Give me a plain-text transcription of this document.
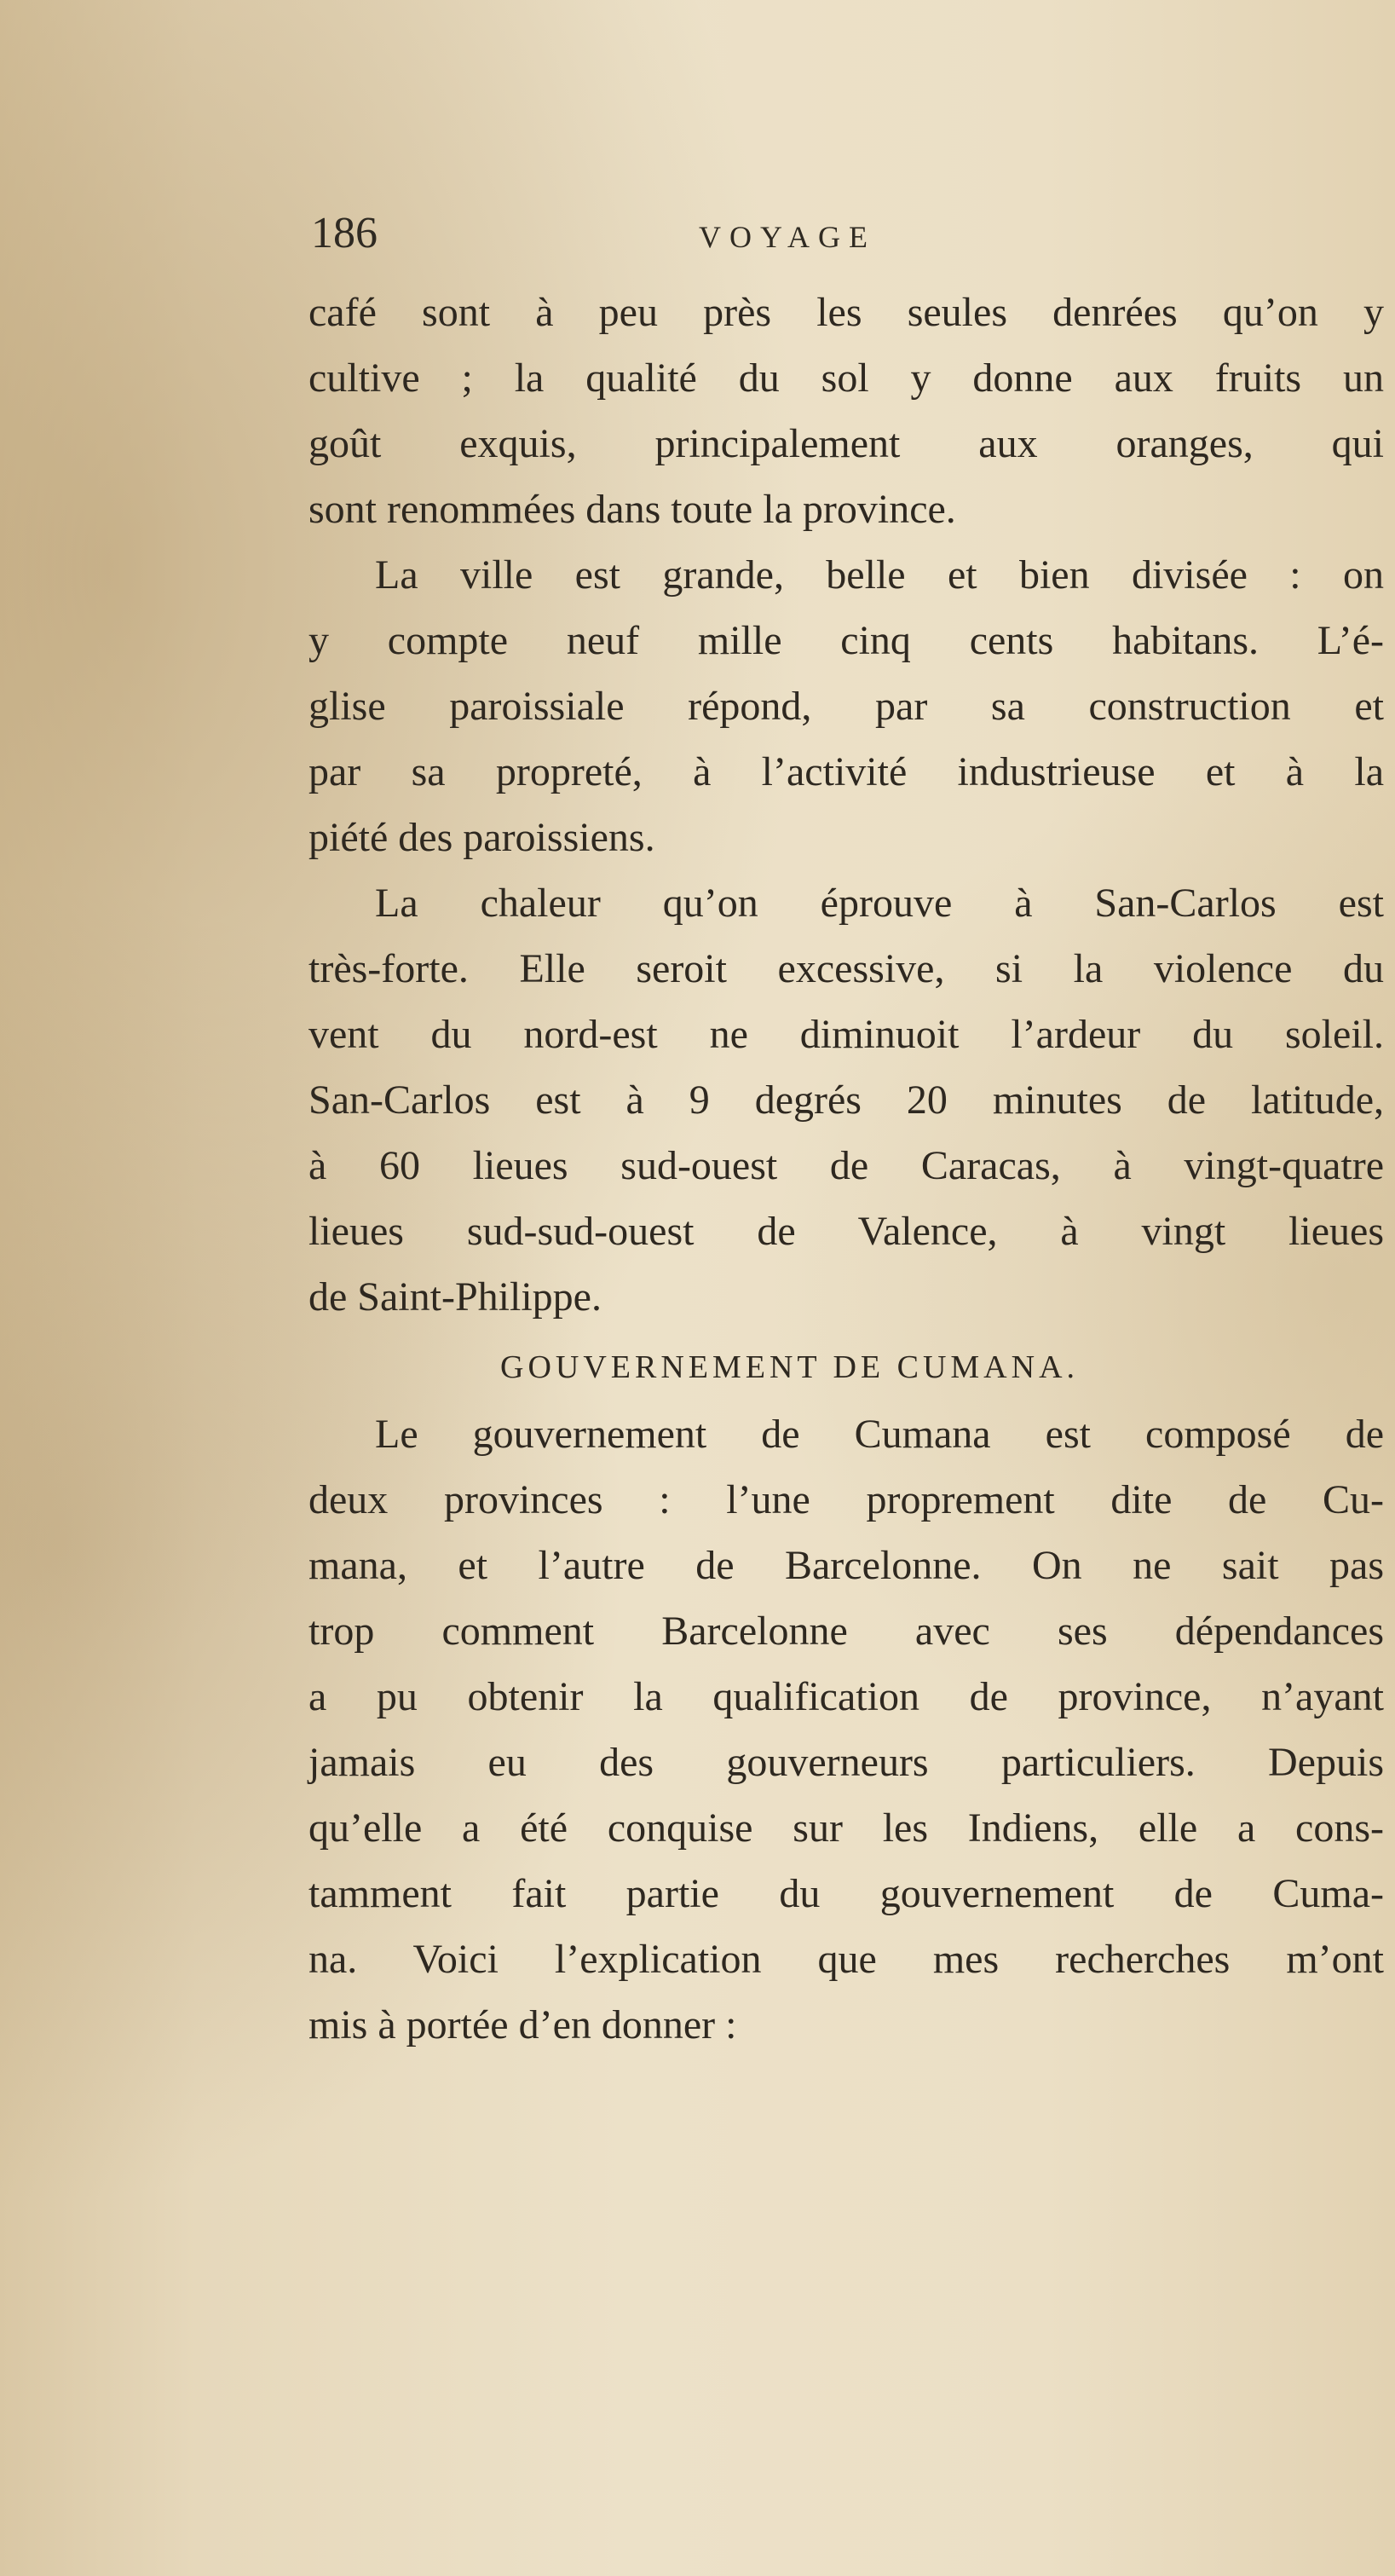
186	VOYAGE
café sont à peu près les seules denrées qu’on y
cultive ; la qualité du sol y donne aux fruits un
goût exquis, principalement aux oranges, qui
sont renommées dans toute la province.
La ville est grande, belle et bien divisée : on
y compte neuf mille cinq cents habitans. L’é-
glise paroissiale répond, par sa construction et
par sa propreté, à l’activité industrieuse et à la
piété des paroissiens.
La chaleur qu’on éprouve à San-Carlos est
très-forte. Elle seroit excessive, si la violence du
vent du nord-est ne diminuoit l’ardeur du soleil.
San-Carlos est à 9 degrés 20 minutes de latitude,
à 60 lieues sud-ouest de Caracas, à vingt-quatre
lieues sud-sud-ouest de Valence, à vingt lieues
de Saint-Philippe.
GOUVERNEMENT DE CUMANA.
Le gouvernement de Cumana est composé de
deux provinces : l’une proprement dite de Cu-
mana, et l’autre de Barcelonne. On ne sait pas
trop comment Barcelonne avec ses dépendances
a pu obtenir la qualification de province, n’ayant
jamais eu des gouverneurs particuliers. Depuis
qu’elle a été conquise sur les Indiens, elle a cons-
tamment fait partie du gouvernement de Cuma-
na. Voici l’explication que mes recherches m’ont
mis à portée d’en donner :
